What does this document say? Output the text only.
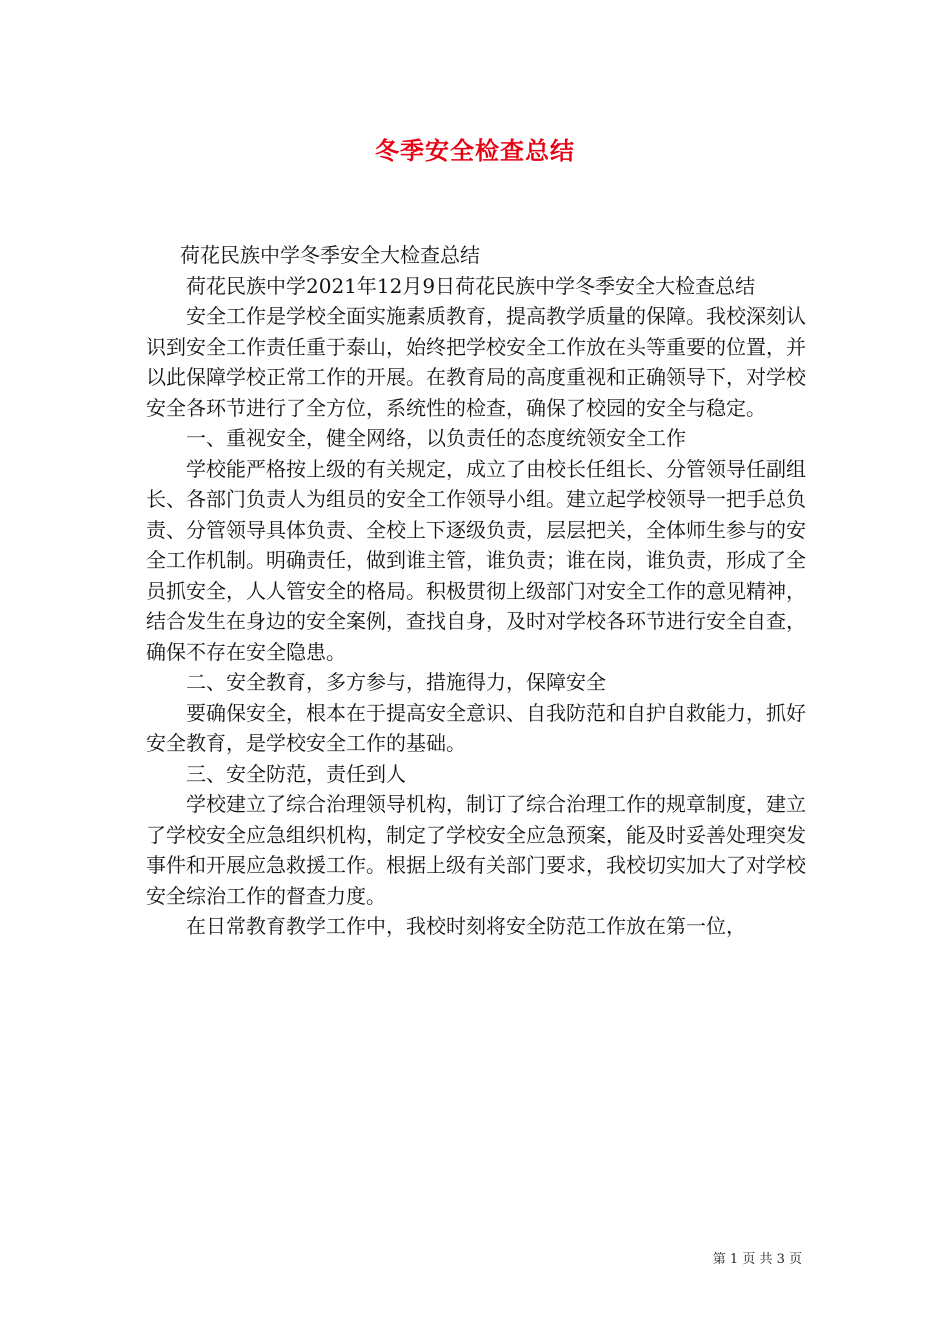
冬季安全检查总结

荷花民族中学冬季安全大检查总结

荷花民族中学2021年12月9日荷花民族中学冬季安全大检查总结

安全工作是学校全面实施素质教育，提高教学质量的保障。我校深刻认识到安全工作责任重于泰山，始终把学校安全工作放在头等重要的位置，并以此保障学校正常工作的开展。在教育局的高度重视和正确领导下，对学校安全各环节进行了全方位，系统性的检查，确保了校园的安全与稳定。

一、重视安全，健全网络，以负责任的态度统领安全工作

学校能严格按上级的有关规定，成立了由校长任组长、分管领导任副组长、各部门负责人为组员的安全工作领导小组。建立起学校领导一把手总负责、分管领导具体负责、全校上下逐级负责，层层把关，全体师生参与的安全工作机制。明确责任，做到谁主管，谁负责；谁在岗，谁负责，形成了全员抓安全，人人管安全的格局。积极贯彻上级部门对安全工作的意见精神，结合发生在身边的安全案例，查找自身，及时对学校各环节进行安全自查，确保不存在安全隐患。

二、安全教育，多方参与，措施得力，保障安全

要确保安全，根本在于提高安全意识、自我防范和自护自救能力，抓好安全教育，是学校安全工作的基础。

三、安全防范，责任到人

学校建立了综合治理领导机构，制订了综合治理工作的规章制度，建立了学校安全应急组织机构，制定了学校安全应急预案，能及时妥善处理突发事件和开展应急救援工作。根据上级有关部门要求，我校切实加大了对学校安全综治工作的督查力度。

在日常教育教学工作中，我校时刻将安全防范工作放在第一位，

第 1 页 共 3 页
